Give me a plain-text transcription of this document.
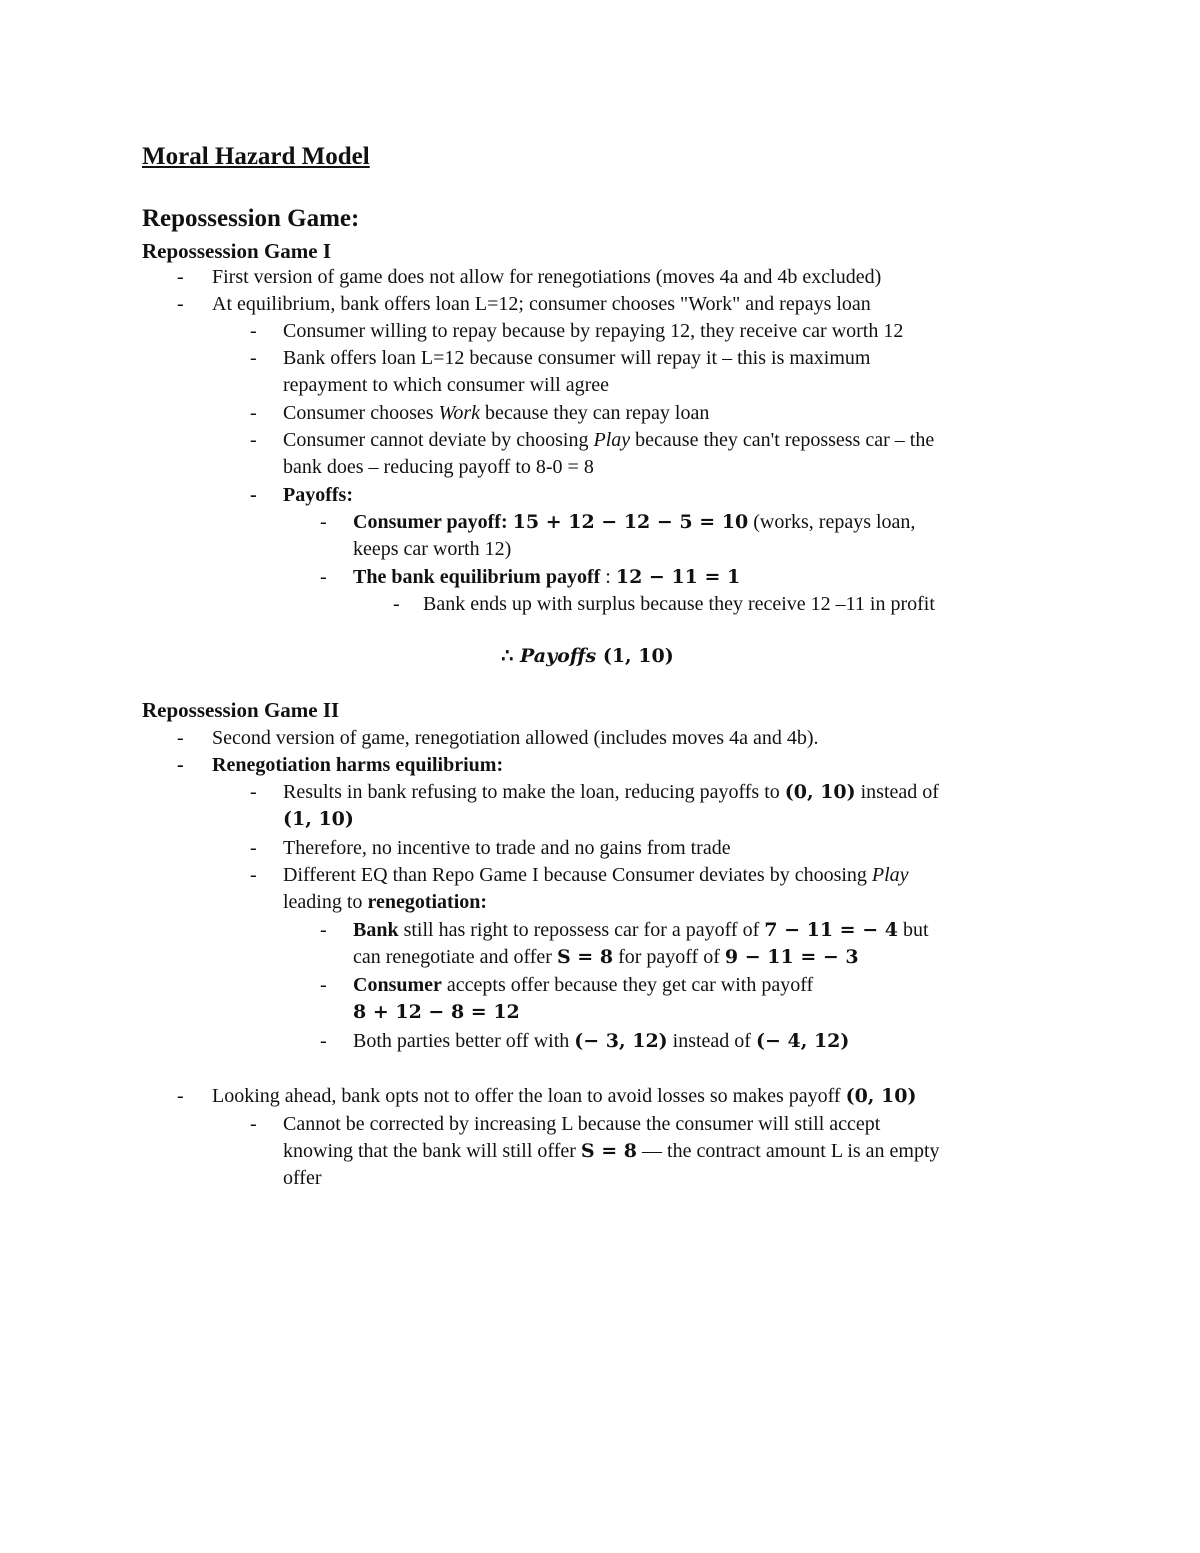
Moral Hazard Model
Repossession Game:
Repossession Game I
- First version of game does not allow for renegotiations (moves 4a and 4b excluded)
- At equilibrium, bank offers loan L=12; consumer chooses "Work" and repays loan
- Consumer willing to repay because by repaying 12, they receive car worth 12
- Bank offers loan L=12 because consumer will repay it – this is maximum
repayment to which consumer will agree
- Consumer chooses Work because they can repay loan
- Consumer cannot deviate by choosing Play because they can't repossess car – the
bank does – reducing payoff to 8-0 = 8
- Payoffs:
- Consumer payoff: 15 + 12 − 12 − 5 = 10 (works, repays loan,
keeps car worth 12)
- The bank equilibrium payoff : 12 − 11 = 1
- Bank ends up with surplus because they receive 12 –11 in profit
∴ Payoffs (1, 10)
Repossession Game II
- Second version of game, renegotiation allowed (includes moves 4a and 4b).
- Renegotiation harms equilibrium:
- Results in bank refusing to make the loan, reducing payoffs to (0, 10) instead of
(1, 10)
- Therefore, no incentive to trade and no gains from trade
- Different EQ than Repo Game I because Consumer deviates by choosing Play
leading to renegotiation:
- Bank still has right to repossess car for a payoff of 7 − 11 = − 4 but
can renegotiate and offer S = 8 for payoff of 9 − 11 = − 3
- Consumer accepts offer because they get car with payoff
8 + 12 − 8 = 12
- Both parties better off with (− 3, 12) instead of (− 4, 12)
- Looking ahead, bank opts not to offer the loan to avoid losses so makes payoff (0, 10)
- Cannot be corrected by increasing L because the consumer will still accept
knowing that the bank will still offer S = 8 — the contract amount L is an empty
offer
